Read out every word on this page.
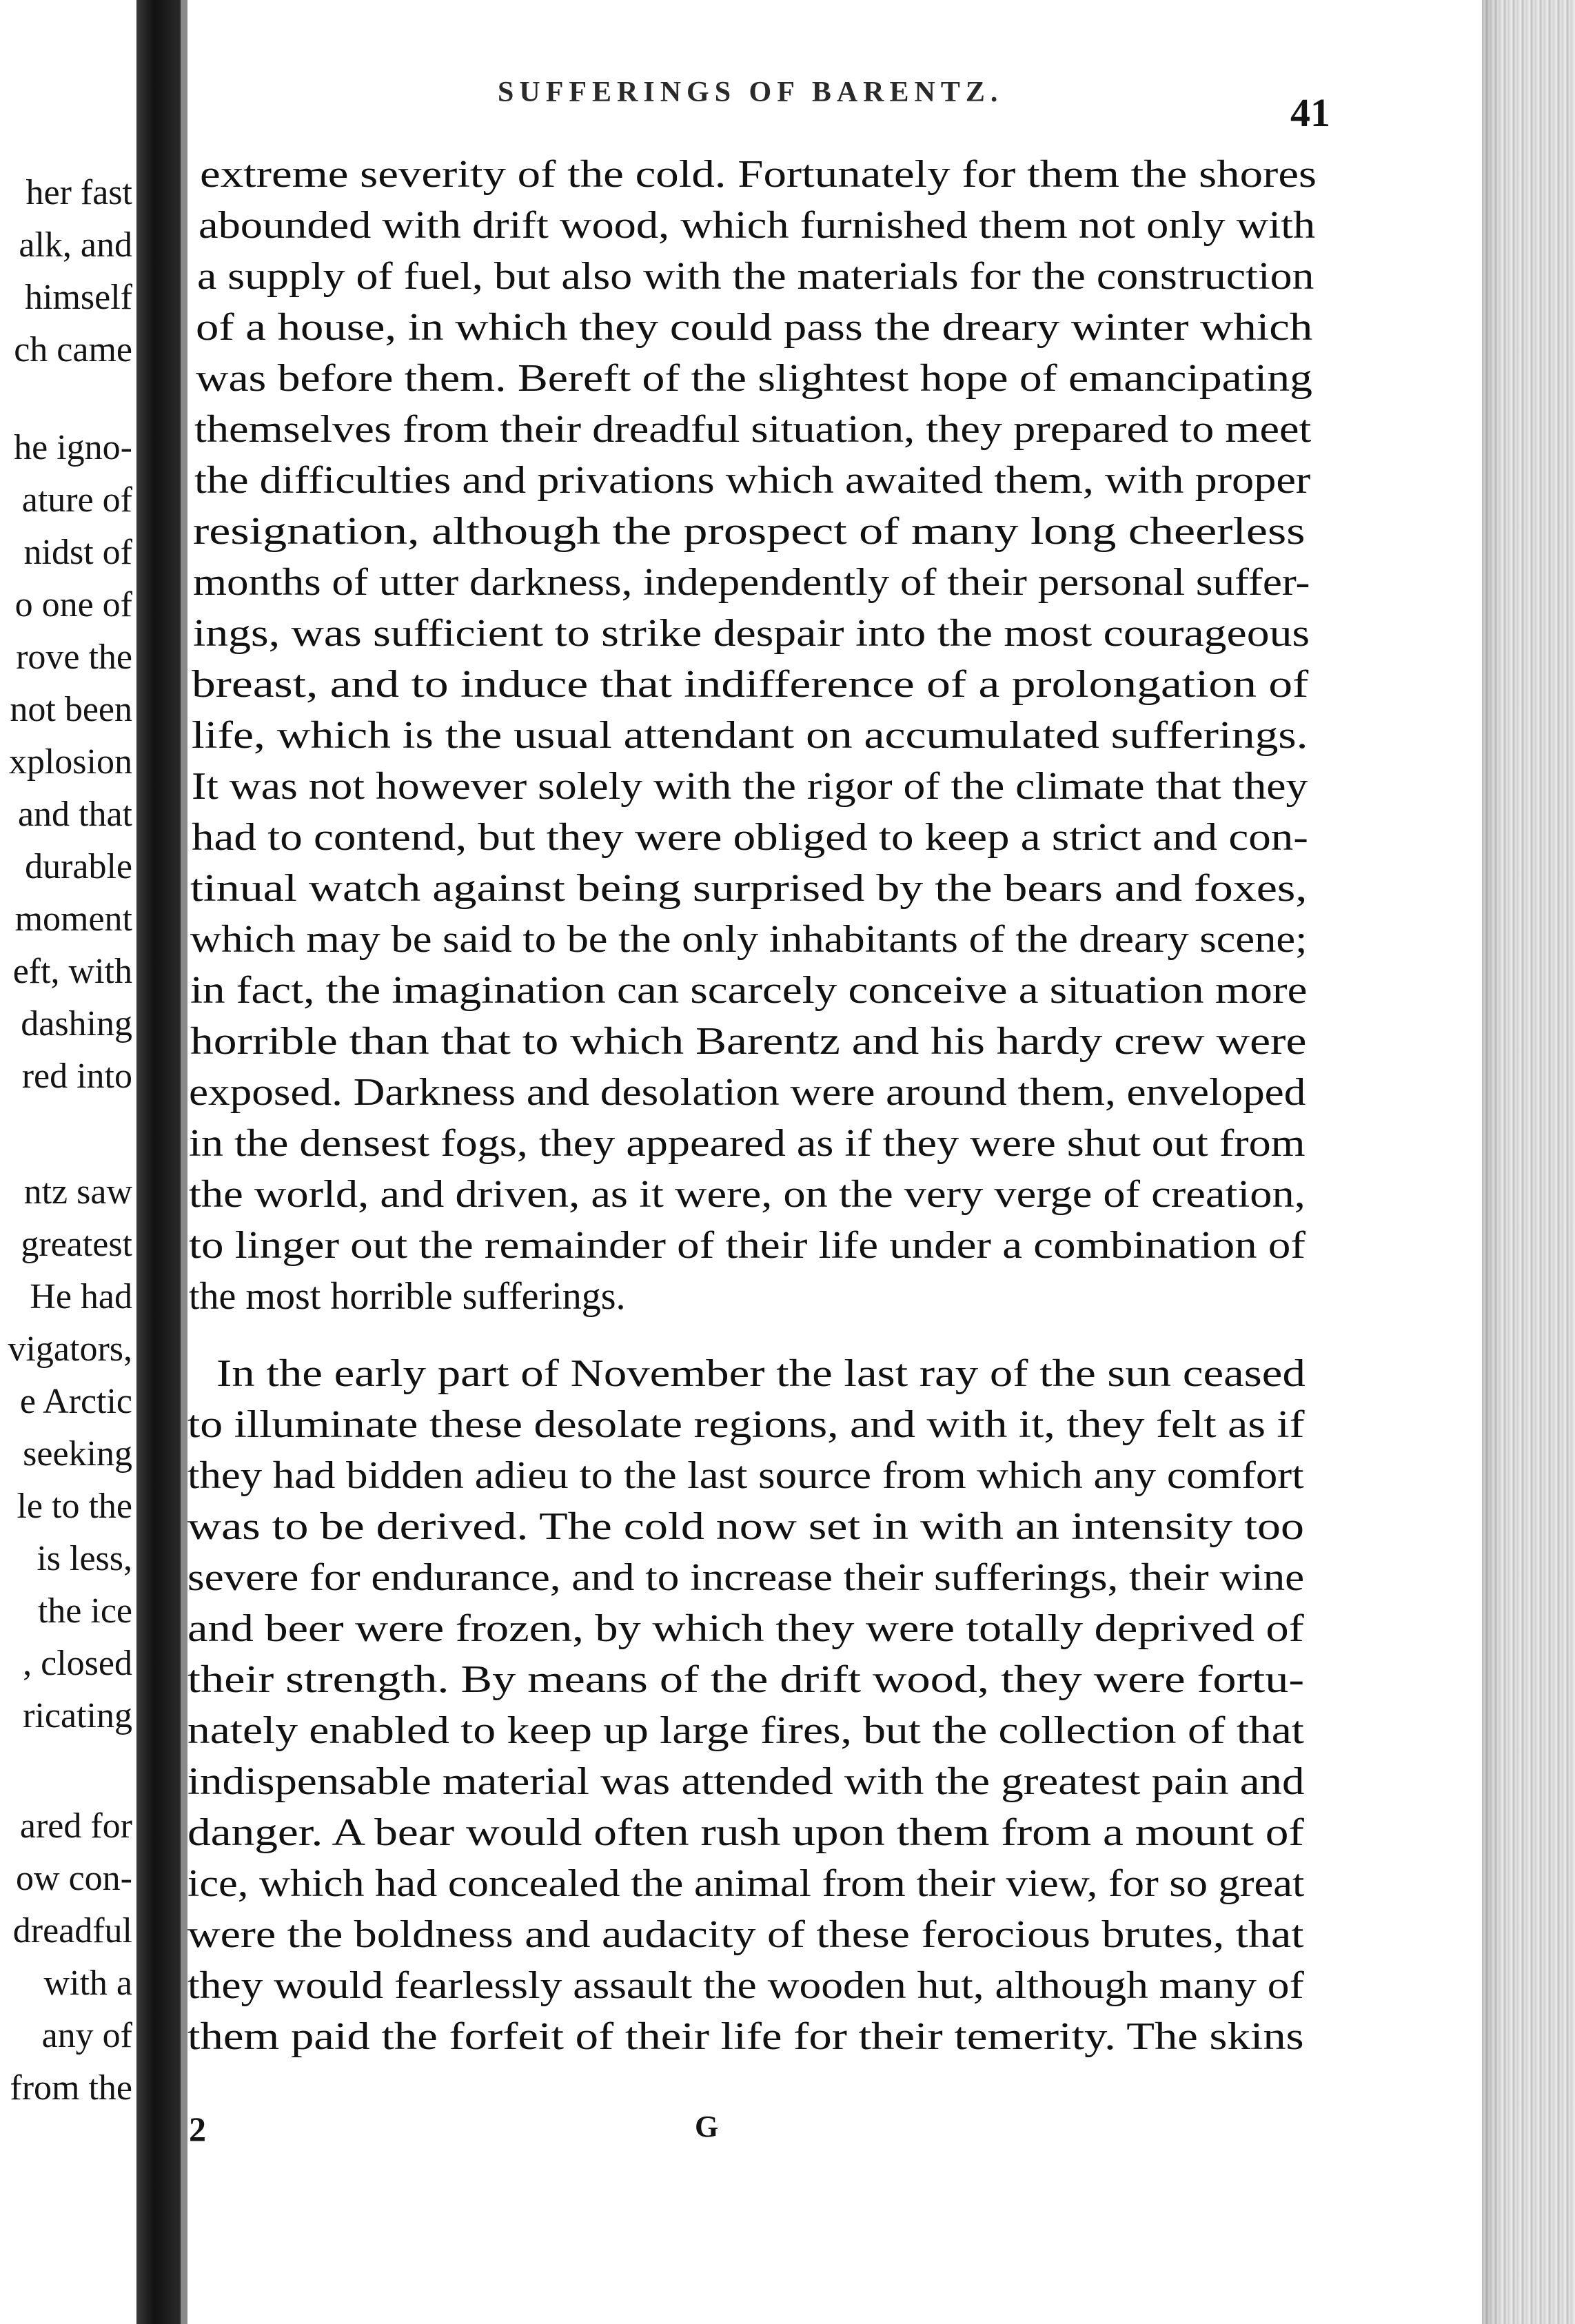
her fast
alk, and
himself
ch came
he igno-
ature of
nidst of
o one of
rove the
not been
xplosion
and that
durable
moment
eft, with
dashing
red into
ntz saw
greatest
He had
vigators,
e Arctic
seeking
le to the
is less,
the ice
, closed
ricating
ared for
ow con-
dreadful
with a
any of
from the
SUFFERINGS OF BARENTZ.	41
extreme severity of the cold. Fortunately for them the shores
abounded with drift wood, which furnished them not only with
a supply of fuel, but also with the materials for the construction
of a house, in which they could pass the dreary winter which
was before them. Bereft of the slightest hope of emancipating
themselves from their dreadful situation, they prepared to meet
the difficulties and privations which awaited them, with proper
resignation, although the prospect of many long cheerless
months of utter darkness, independently of their personal suffer-
ings, was sufficient to strike despair into the most courageous
breast, and to induce that indifference of a prolongation of
life, which is the usual attendant on accumulated sufferings.
It was not however solely with the rigor of the climate that they
had to contend, but they were obliged to keep a strict and con-
tinual watch against being surprised by the bears and foxes,
which may be said to be the only inhabitants of the dreary scene;
in fact, the imagination can scarcely conceive a situation more
horrible than that to which Barentz and his hardy crew were
exposed. Darkness and desolation were around them, enveloped
in the densest fogs, they appeared as if they were shut out from
the world, and driven, as it were, on the very verge of creation,
to linger out the remainder of their life under a combination of
the most horrible sufferings.
In the early part of November the last ray of the sun ceased
to illuminate these desolate regions, and with it, they felt as if
they had bidden adieu to the last source from which any comfort
was to be derived. The cold now set in with an intensity too
severe for endurance, and to increase their sufferings, their wine
and beer were frozen, by which they were totally deprived of
their strength. By means of the drift wood, they were fortu-
nately enabled to keep up large fires, but the collection of that
indispensable material was attended with the greatest pain and
danger. A bear would often rush upon them from a mount of
ice, which had concealed the animal from their view, for so great
were the boldness and audacity of these ferocious brutes, that
they would fearlessly assault the wooden hut, although many of
them paid the forfeit of their life for their temerity. The skins
2	G
